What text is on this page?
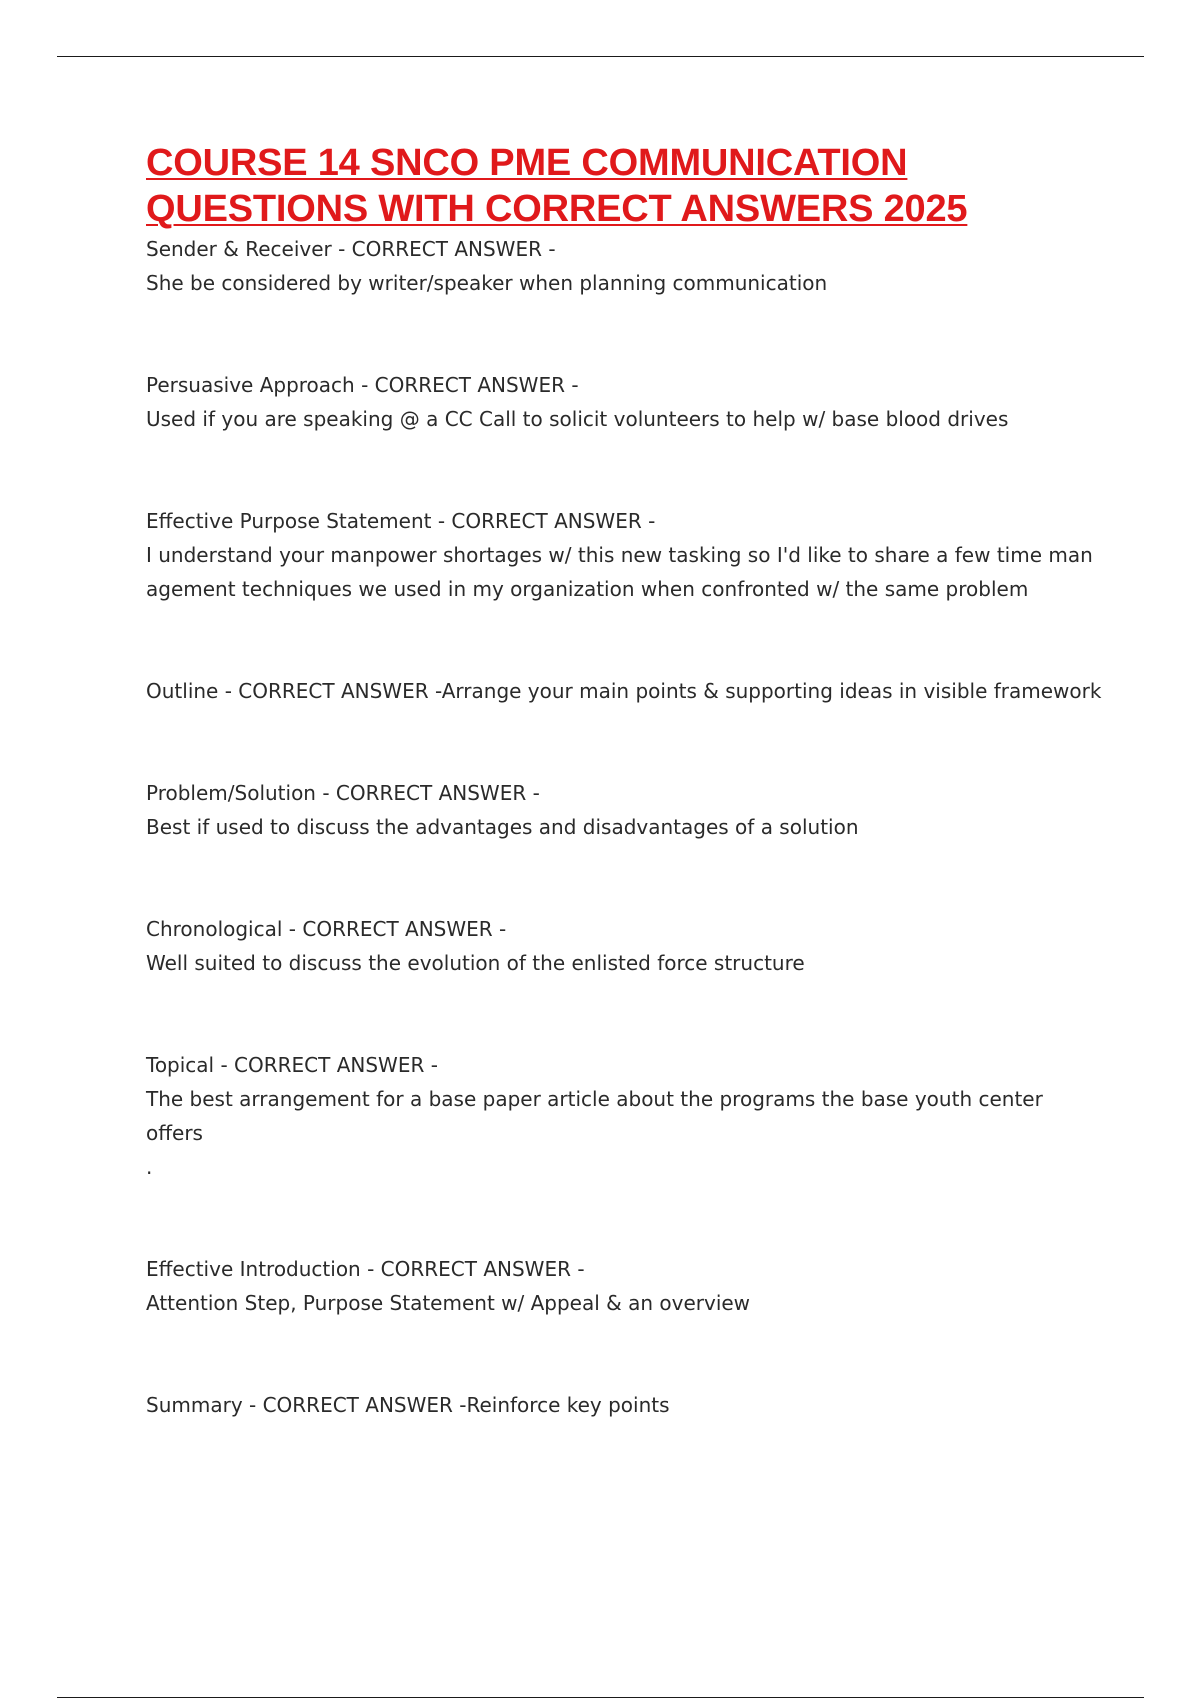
COURSE 14 SNCO PME COMMUNICATION
QUESTIONS WITH CORRECT ANSWERS 2025
Sender & Receiver - CORRECT ANSWER -
She be considered by writer/speaker when planning communication
Persuasive Approach - CORRECT ANSWER -
Used if you are speaking @ a CC Call to solicit volunteers to help w/ base blood drives
Effective Purpose Statement - CORRECT ANSWER -
I understand your manpower shortages w/ this new tasking so I'd like to share a few time man
agement techniques we used in my organization when confronted w/ the same problem
Outline - CORRECT ANSWER -Arrange your main points & supporting ideas in visible framework
Problem/Solution - CORRECT ANSWER -
Best if used to discuss the advantages and disadvantages of a solution
Chronological - CORRECT ANSWER -
Well suited to discuss the evolution of the enlisted force structure
Topical - CORRECT ANSWER -
The best arrangement for a base paper article about the programs the base youth center offers
.
Effective Introduction - CORRECT ANSWER -
Attention Step, Purpose Statement w/ Appeal & an overview
Summary - CORRECT ANSWER -Reinforce key points
